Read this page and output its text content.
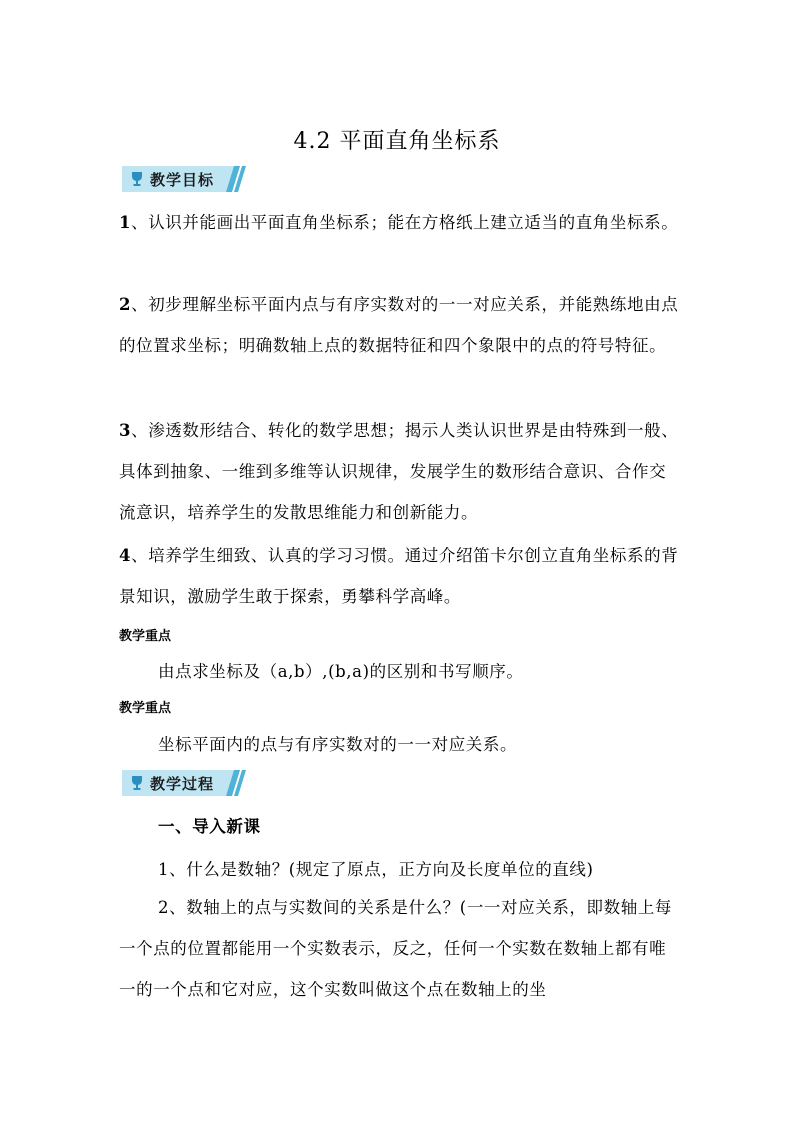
4.2 平面直角坐标系
教学目标
1、认识并能画出平面直角坐标系；能在方格纸上建立适当的直角坐标系。
2、初步理解坐标平面内点与有序实数对的一一对应关系，并能熟练地由点的位置求坐标；明确数轴上点的数据特征和四个象限中的点的符号特征。
3、渗透数形结合、转化的数学思想；揭示人类认识世界是由特殊到一般、具体到抽象、一维到多维等认识规律，发展学生的数形结合意识、合作交流意识，培养学生的发散思维能力和创新能力。
4、培养学生细致、认真的学习习惯。通过介绍笛卡尔创立直角坐标系的背景知识，激励学生敢于探索，勇攀科学高峰。
教学重点
由点求坐标及（a,b）,(b,a)的区别和书写顺序。
教学重点
坐标平面内的点与有序实数对的一一对应关系。
教学过程
一、导入新课
1、什么是数轴？(规定了原点，正方向及长度单位的直线)
2、数轴上的点与实数间的关系是什么？(一一对应关系，即数轴上每一个点的位置都能用一个实数表示，反之，任何一个实数在数轴上都有唯一的一个点和它对应，这个实数叫做这个点在数轴上的坐
